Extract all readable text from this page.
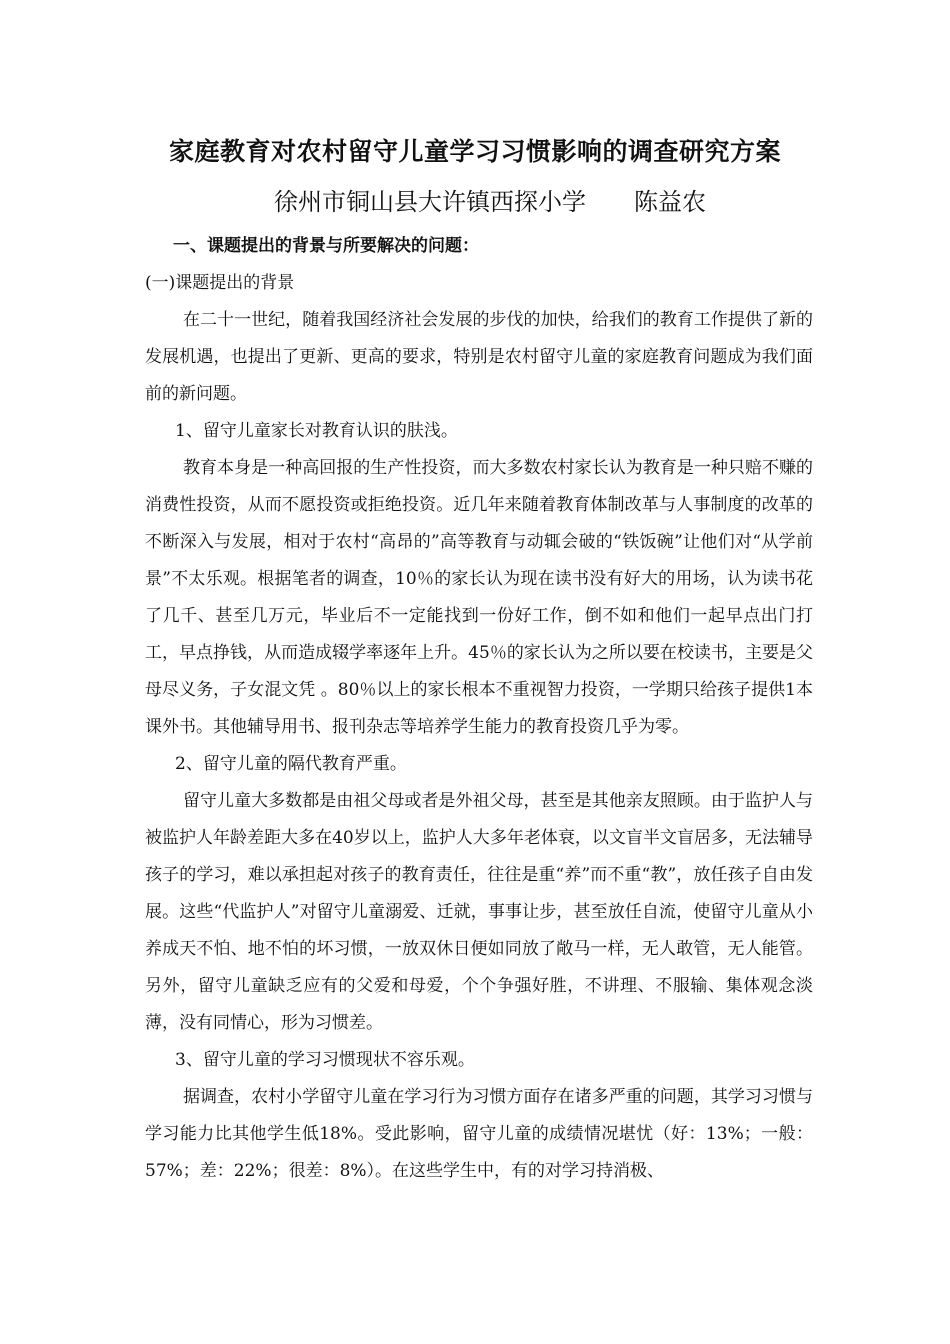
家庭教育对农村留守儿童学习习惯影响的调查研究方案
徐州市铜山县大许镇西探小学 陈益农

一、课题提出的背景与所要解决的问题：

(一)课题提出的背景

在二十一世纪，随着我国经济社会发展的步伐的加快，给我们的教育工作提供了新的发展机遇，也提出了更新、更高的要求，特别是农村留守儿童的家庭教育问题成为我们面前的新问题。

1、留守儿童家长对教育认识的肤浅。

教育本身是一种高回报的生产性投资，而大多数农村家长认为教育是一种只赔不赚的消费性投资，从而不愿投资或拒绝投资。近几年来随着教育体制改革与人事制度的改革的不断深入与发展，相对于农村“高昂的”高等教育与动辄会破的“铁饭碗”让他们对“从学前景”不太乐观。根据笔者的调查，10％的家长认为现在读书没有好大的用场，认为读书花了几千、甚至几万元，毕业后不一定能找到一份好工作，倒不如和他们一起早点出门打工，早点挣钱，从而造成辍学率逐年上升。45％的家长认为之所以要在校读书，主要是父母尽义务，子女混文凭 。80％以上的家长根本不重视智力投资，一学期只给孩子提供1本课外书。其他辅导用书、报刊杂志等培养学生能力的教育投资几乎为零。

2、留守儿童的隔代教育严重。

留守儿童大多数都是由祖父母或者是外祖父母，甚至是其他亲友照顾。由于监护人与被监护人年龄差距大多在40岁以上，监护人大多年老体衰，以文盲半文盲居多，无法辅导孩子的学习，难以承担起对孩子的教育责任，往往是重“养”而不重“教”，放任孩子自由发展。这些“代监护人”对留守儿童溺爱、迁就，事事让步，甚至放任自流，使留守儿童从小养成天不怕、地不怕的坏习惯，一放双休日便如同放了敞马一样，无人敢管，无人能管。另外，留守儿童缺乏应有的父爱和母爱，个个争强好胜，不讲理、不服输、集体观念淡薄，没有同情心，形为习惯差。

3、留守儿童的学习习惯现状不容乐观。

据调查，农村小学留守儿童在学习行为习惯方面存在诸多严重的问题，其学习习惯与学习能力比其他学生低18%。受此影响，留守儿童的成绩情况堪忧（好：13%；一般：57%；差：22%；很差：8%）。在这些学生中，有的对学习持消极、
